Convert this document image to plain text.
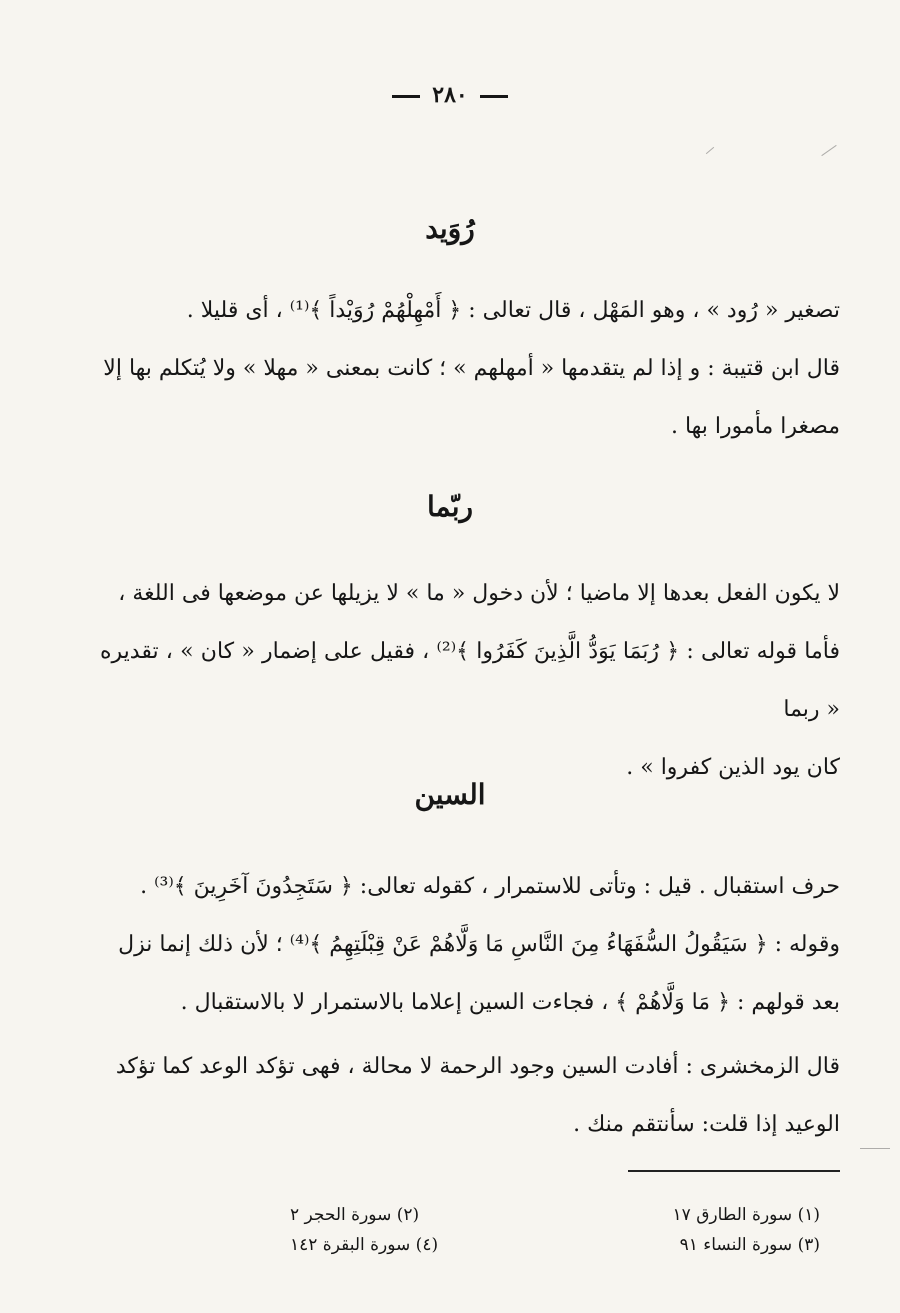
٢٨٠
رُوَيد
تصغير « رُود » ، وهو المَهْل ، قال تعالى : ﴿ أَمْهِلْهُمْ رُوَيْداً ﴾⁽¹⁾ ، أى قليلا .
قال ابن قتيبة : و إذا لم يتقدمها « أمهلهم » ؛ كانت بمعنى « مهلا » ولا يُتكلم بها إلا
مصغرا مأمورا بها .
ربّما
لا يكون الفعل بعدها إلا ماضيا ؛ لأن دخول « ما » لا يزيلها عن موضعها فى اللغة ،
فأما قوله تعالى : ﴿ رُبَمَا يَوَدُّ الَّذِينَ كَفَرُوا ﴾⁽²⁾ ، فقيل على إضمار « كان » ، تقديره « ربما
كان يود الذين كفروا » .
السين
حرف استقبال . قيل : وتأتى للاستمرار ، كقوله تعالى: ﴿ سَتَجِدُونَ آخَرِينَ ﴾⁽³⁾ .
وقوله : ﴿ سَيَقُولُ السُّفَهَاءُ مِنَ النَّاسِ مَا وَلَّاهُمْ عَنْ قِبْلَتِهِمُ ﴾⁽⁴⁾ ؛ لأن ذلك إنما نزل
بعد قولهم : ﴿ مَا وَلَّاهُمْ ﴾ ، فجاءت السين إعلاما بالاستمرار لا بالاستقبال .
قال الزمخشرى : أفادت السين وجود الرحمة لا محالة ، فهى تؤكد الوعد كما تؤكد
الوعيد إذا قلت: سأنتقم منك .
(١) سورة الطارق ١٧
(٢) سورة الحجر ٢
(٣) سورة النساء ٩١
(٤) سورة البقرة ١٤٢
